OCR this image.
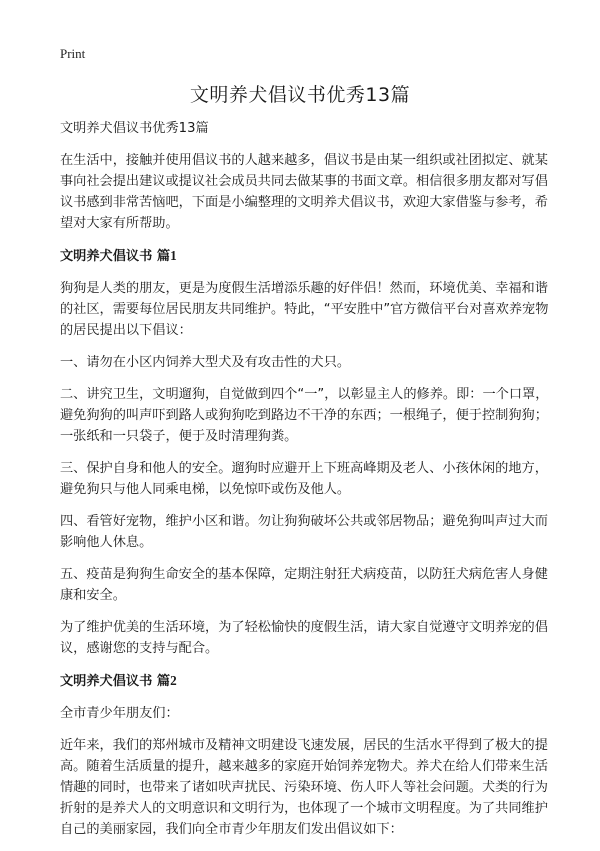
Print
文明养犬倡议书优秀13篇

文明养犬倡议书优秀13篇

在生活中，接触并使用倡议书的人越来越多，倡议书是由某一组织或社团拟定、就某事向社会提出建议或提议社会成员共同去做某事的书面文章。相信很多朋友都对写倡议书感到非常苦恼吧，下面是小编整理的文明养犬倡议书，欢迎大家借鉴与参考，希望对大家有所帮助。

文明养犬倡议书 篇1

狗狗是人类的朋友，更是为度假生活增添乐趣的好伴侣！然而，环境优美、幸福和谐的社区，需要每位居民朋友共同维护。特此，“平安胜中”官方微信平台对喜欢养宠物的居民提出以下倡议：

一、请勿在小区内饲养大型犬及有攻击性的犬只。

二、讲究卫生，文明遛狗，自觉做到四个“一”，以彰显主人的修养。即：一个口罩，避免狗狗的叫声吓到路人或狗狗吃到路边不干净的东西；一根绳子，便于控制狗狗；一张纸和一只袋子，便于及时清理狗粪。

三、保护自身和他人的安全。遛狗时应避开上下班高峰期及老人、小孩休闲的地方，避免狗只与他人同乘电梯，以免惊吓或伤及他人。

四、看管好宠物，维护小区和谐。勿让狗狗破坏公共或邻居物品；避免狗叫声过大而影响他人休息。

五、疫苗是狗狗生命安全的基本保障，定期注射狂犬病疫苗，以防狂犬病危害人身健康和安全。

为了维护优美的生活环境，为了轻松愉快的度假生活，请大家自觉遵守文明养宠的倡议，感谢您的支持与配合。

文明养犬倡议书 篇2

全市青少年朋友们：

近年来，我们的郑州城市及精神文明建设飞速发展，居民的生活水平得到了极大的提高。随着生活质量的提升，越来越多的家庭开始饲养宠物犬。养犬在给人们带来生活情趣的同时，也带来了诸如吠声扰民、污染环境、伤人吓人等社会问题。犬类的行为折射的是养犬人的文明意识和文明行为，也体现了一个城市文明程度。为了共同维护自己的美丽家园，我们向全市青少年朋友们发出倡议如下：
